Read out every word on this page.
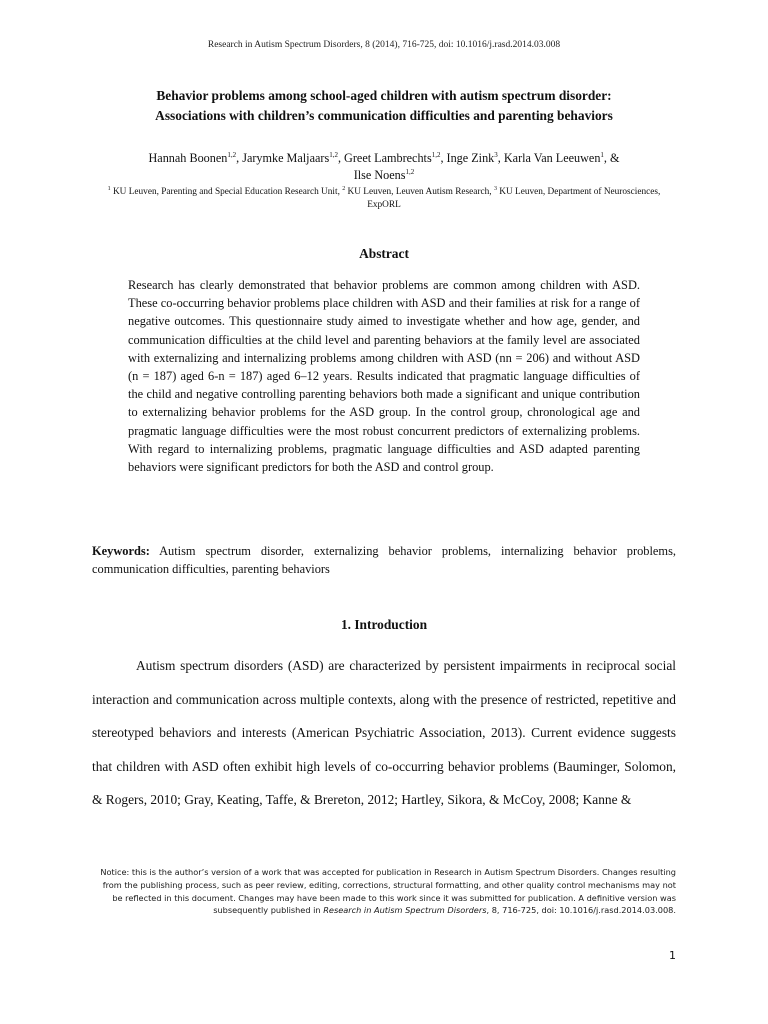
Research in Autism Spectrum Disorders, 8 (2014), 716-725, doi: 10.1016/j.rasd.2014.03.008
Behavior problems among school-aged children with autism spectrum disorder:
Associations with children’s communication difficulties and parenting behaviors
Hannah Boonen$^{1,2}$, Jarymke Maljaars$^{1,2}$, Greet Lambrechts$^{1,2}$, Inge Zink$^3$, Karla Van Leeuwen$^1$, &
Ilse Noens$^{1,2}$
$^1$ KU Leuven, Parenting and Special Education Research Unit, $^2$ KU Leuven, Leuven Autism Research, $^3$ KU Leuven, Department of Neurosciences, ExpORL
Abstract
Research has clearly demonstrated that behavior problems are common among children with ASD. These co-occurring behavior problems place children with ASD and their families at risk for a range of negative outcomes. This questionnaire study aimed to investigate whether and how age, gender, and communication difficulties at the child level and parenting behaviors at the family level are associated with externalizing and internalizing problems among children with ASD (nn = 206) and without ASD (n = 187) aged 6-n = 187) aged 6–12 years. Results indicated that pragmatic language difficulties of the child and negative controlling parenting behaviors both made a significant and unique contribution to externalizing behavior problems for the ASD group. In the control group, chronological age and pragmatic language difficulties were the most robust concurrent predictors of externalizing problems. With regard to internalizing problems, pragmatic language difficulties and ASD adapted parenting behaviors were significant predictors for both the ASD and control group.
Keywords: Autism spectrum disorder, externalizing behavior problems, internalizing behavior problems, communication difficulties, parenting behaviors
1. Introduction
Autism spectrum disorders (ASD) are characterized by persistent impairments in reciprocal social interaction and communication across multiple contexts, along with the presence of restricted, repetitive and stereotyped behaviors and interests (American Psychiatric Association, 2013). Current evidence suggests that children with ASD often exhibit high levels of co-occurring behavior problems (Bauminger, Solomon, & Rogers, 2010; Gray, Keating, Taffe, & Brereton, 2012; Hartley, Sikora, & McCoy, 2008; Kanne &
Notice: this is the author’s version of a work that was accepted for publication in Research in Autism Spectrum Disorders. Changes resulting from the publishing process, such as peer review, editing, corrections, structural formatting, and other quality control mechanisms may not be reflected in this document. Changes may have been made to this work since it was submitted for publication. A definitive version was subsequently published in Research in Autism Spectrum Disorders, 8, 716-725, doi: 10.1016/j.rasd.2014.03.008.
1
